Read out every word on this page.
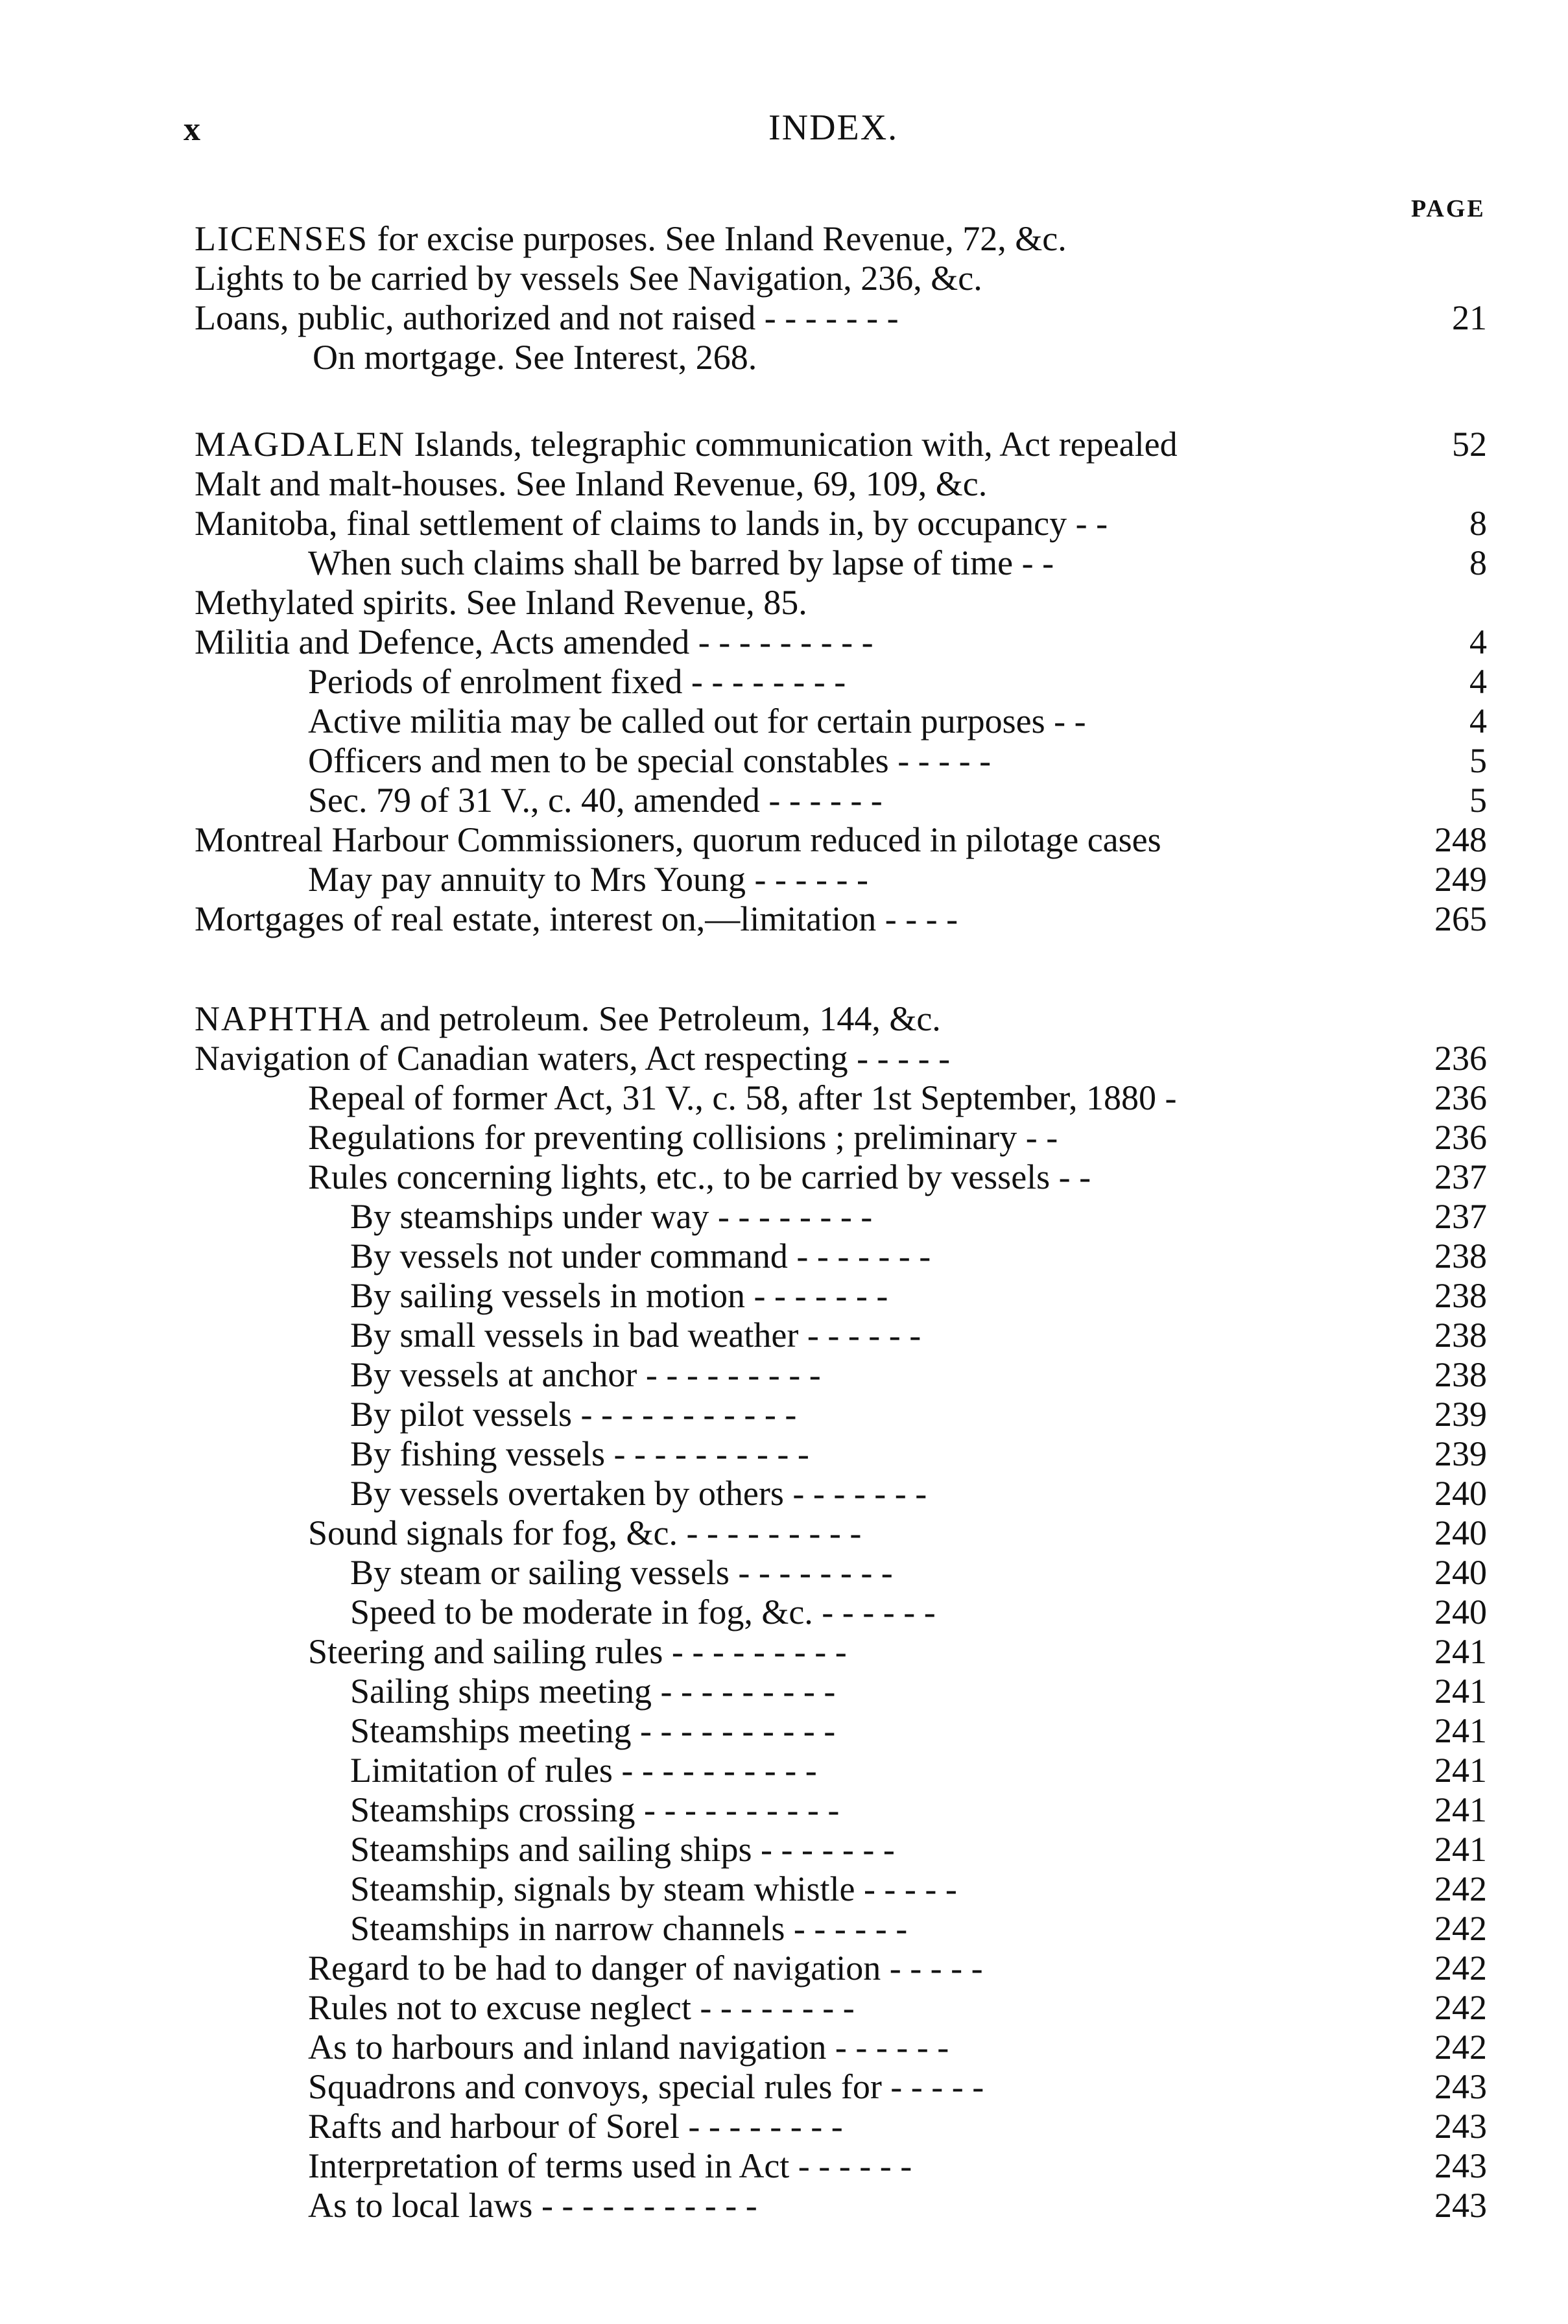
x	INDEX.
PAGE
LICENSES for excise purposes. See Inland Revenue, 72, &c.
Lights to be carried by vessels See Navigation, 236, &c.
Loans, public, authorized and not raised - - - - - - -	21
On mortgage. See Interest, 268.
MAGDALEN Islands, telegraphic communication with, Act repealed	52
Malt and malt-houses. See Inland Revenue, 69, 109, &c.
Manitoba, final settlement of claims to lands in, by occupancy - -	8
When such claims shall be barred by lapse of time - -	8
Methylated spirits. See Inland Revenue, 85.
Militia and Defence, Acts amended - - - - - - - - -	4
Periods of enrolment fixed - - - - - - - -	4
Active militia may be called out for certain purposes - -	4
Officers and men to be special constables - - - - -	5
Sec. 79 of 31 V., c. 40, amended - - - - - -	5
Montreal Harbour Commissioners, quorum reduced in pilotage cases	248
May pay annuity to Mrs Young - - - - - -	249
Mortgages of real estate, interest on,—limitation - - - -	265
NAPHTHA and petroleum. See Petroleum, 144, &c.
Navigation of Canadian waters, Act respecting - - - - -	236
Repeal of former Act, 31 V., c. 58, after 1st September, 1880 -	236
Regulations for preventing collisions ; preliminary - -	236
Rules concerning lights, etc., to be carried by vessels - -	237
By steamships under way - - - - - - - -	237
By vessels not under command - - - - - - -	238
By sailing vessels in motion - - - - - - -	238
By small vessels in bad weather - - - - - -	238
By vessels at anchor - - - - - - - - -	238
By pilot vessels - - - - - - - - - - -	239
By fishing vessels - - - - - - - - - -	239
By vessels overtaken by others - - - - - - -	240
Sound signals for fog, &c. - - - - - - - - -	240
By steam or sailing vessels - - - - - - - -	240
Speed to be moderate in fog, &c. - - - - - -	240
Steering and sailing rules - - - - - - - - -	241
Sailing ships meeting - - - - - - - - -	241
Steamships meeting - - - - - - - - - -	241
Limitation of rules - - - - - - - - - -	241
Steamships crossing - - - - - - - - - -	241
Steamships and sailing ships - - - - - - -	241
Steamship, signals by steam whistle - - - - -	242
Steamships in narrow channels - - - - - -	242
Regard to be had to danger of navigation - - - - -	242
Rules not to excuse neglect - - - - - - - -	242
As to harbours and inland navigation - - - - - -	242
Squadrons and convoys, special rules for - - - - -	243
Rafts and harbour of Sorel - - - - - - - -	243
Interpretation of terms used in Act - - - - - -	243
As to local laws - - - - - - - - - - -	243
